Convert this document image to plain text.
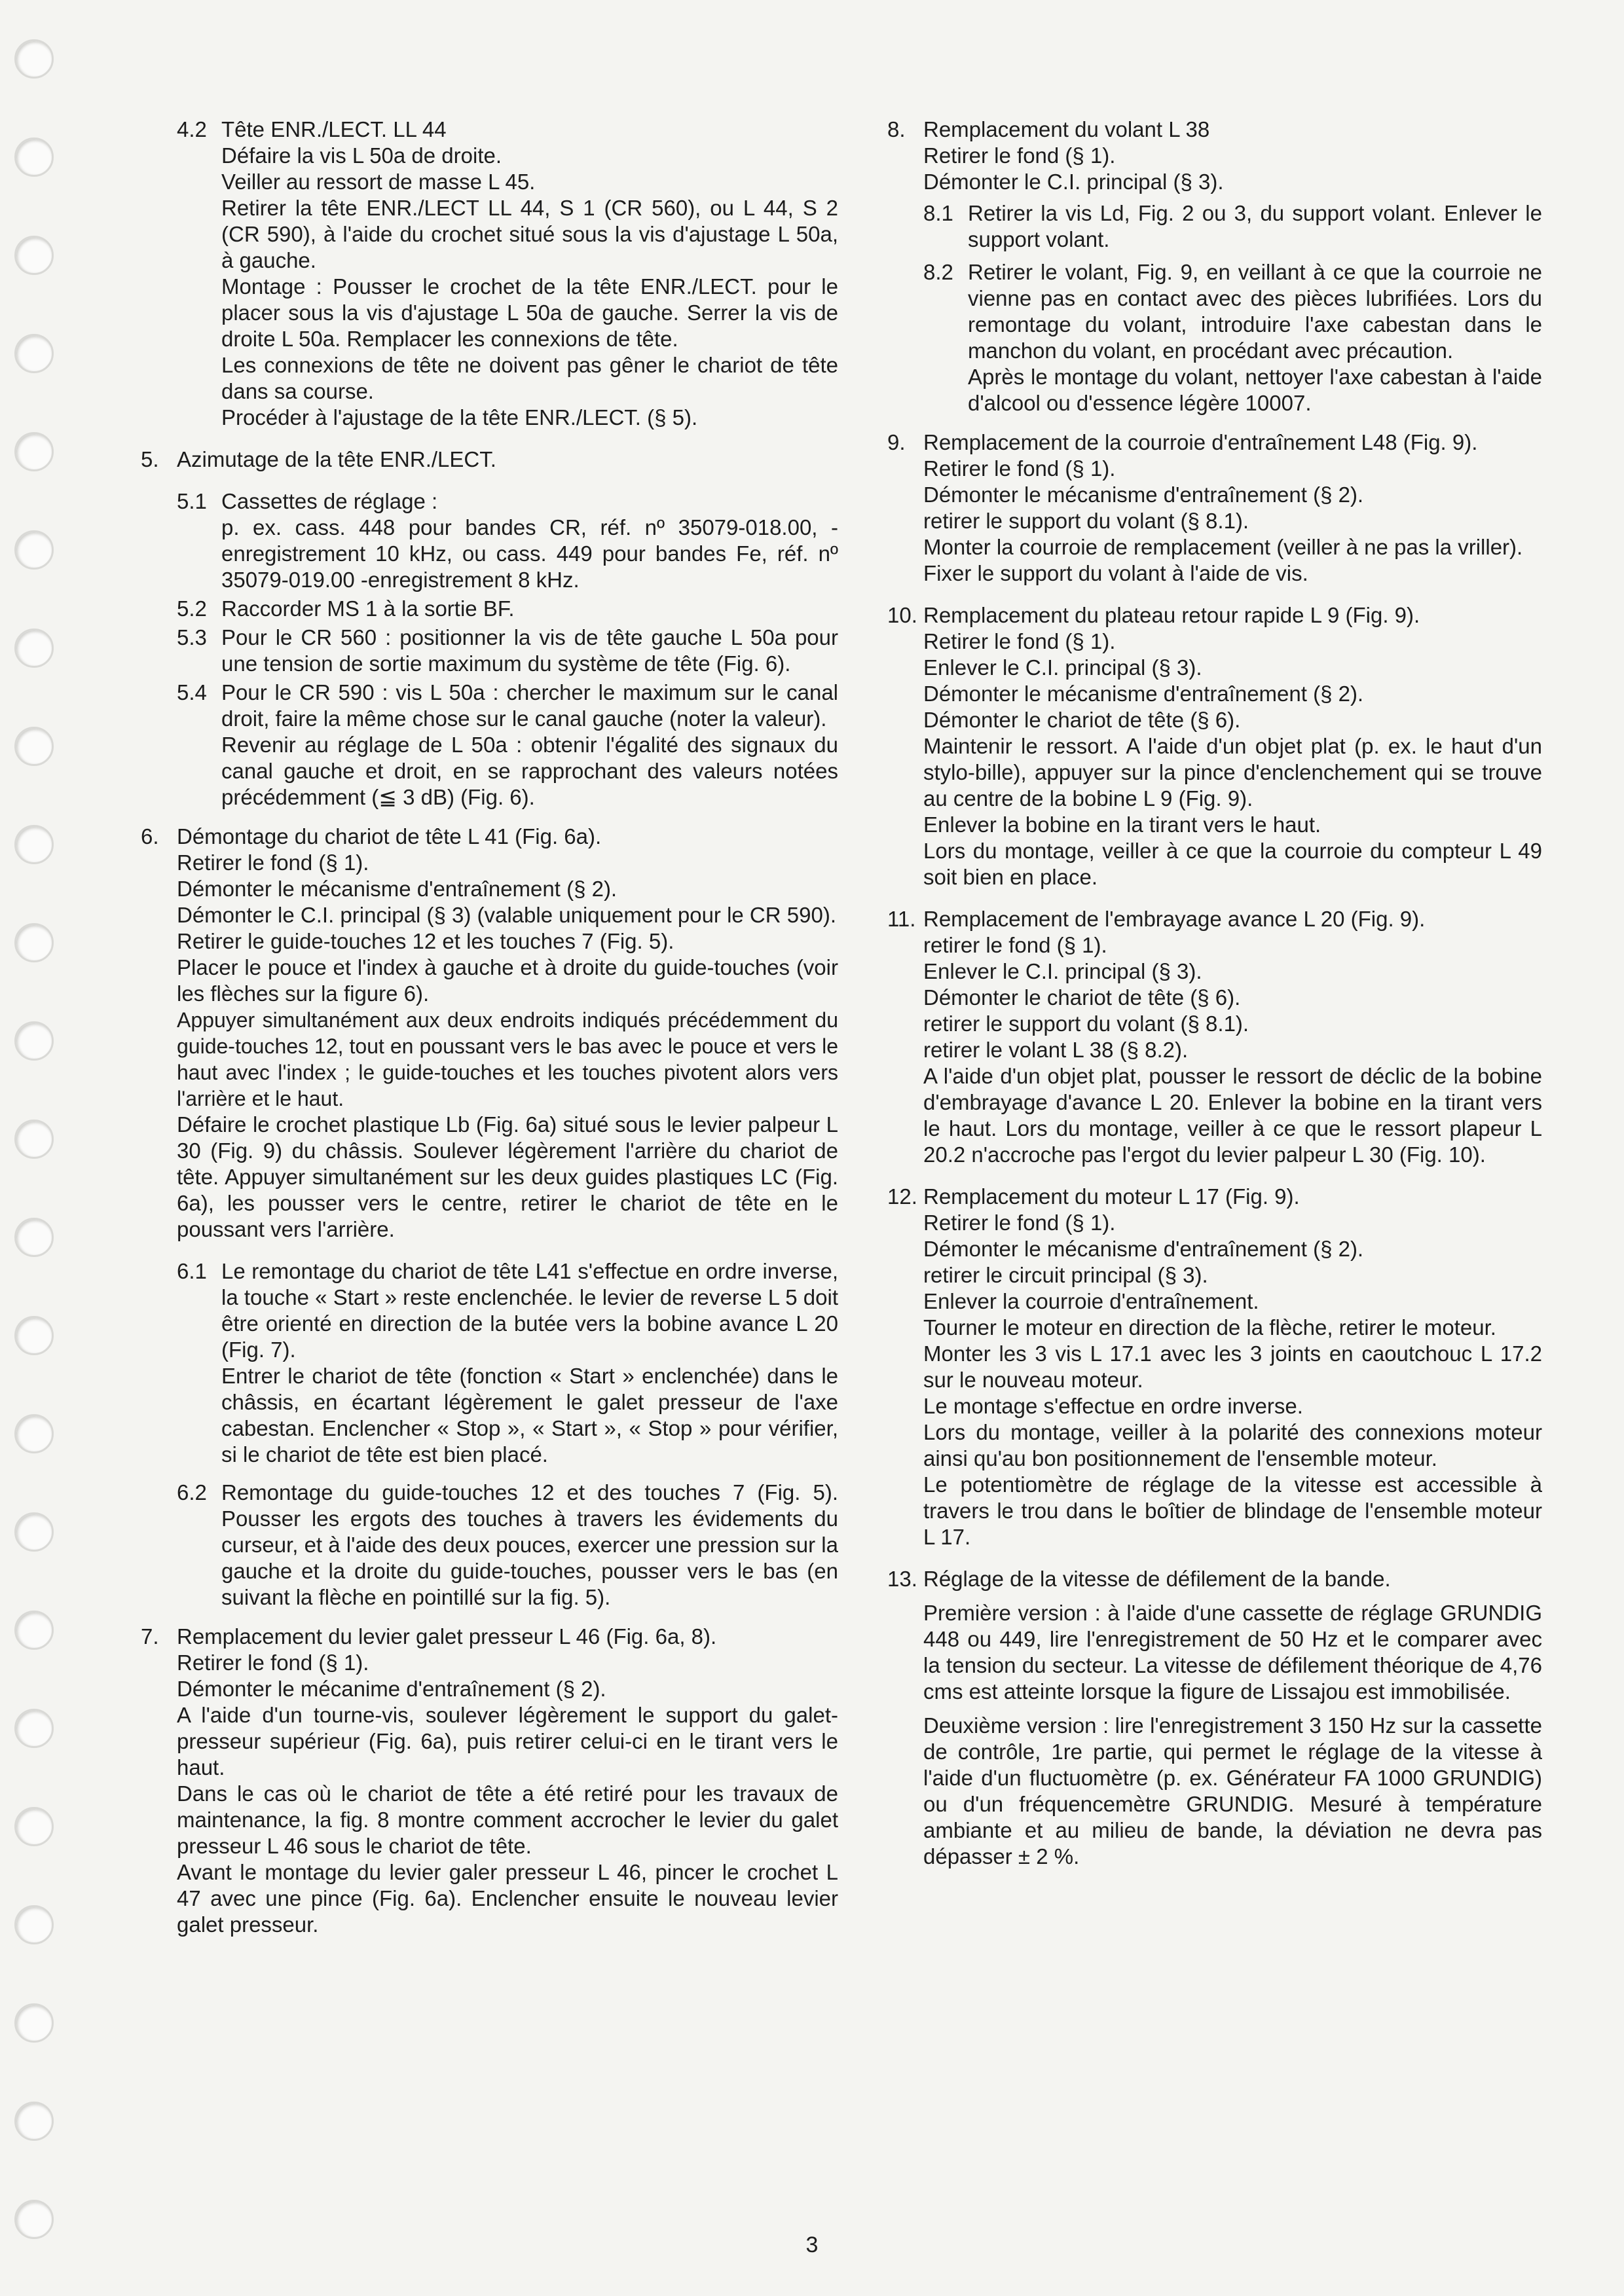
4.2 Tête ENR./LECT. LL 44

Défaire la vis L 50a de droite.

Veiller au ressort de masse L 45.

Retirer la tête ENR./LECT LL 44, S 1 (CR 560), ou L 44, S 2 (CR 590), à l'aide du crochet situé sous la vis d'ajustage L 50a, à gauche.

Montage : Pousser le crochet de la tête ENR./LECT. pour le placer sous la vis d'ajustage L 50a de gauche. Serrer la vis de droite L 50a. Remplacer les connexions de tête.

Les connexions de tête ne doivent pas gêner le chariot de tête dans sa course.

Procéder à l'ajustage de la tête ENR./LECT. (§ 5).

5. Azimutage de la tête ENR./LECT.

5.1 Cassettes de réglage :

p. ex. cass. 448 pour bandes CR, réf. nº 35079-018.00, -enregistrement 10 kHz, ou cass. 449 pour bandes Fe, réf. nº 35079-019.00 -enregistrement 8 kHz.

5.2 Raccorder MS 1 à la sortie BF.

5.3 Pour le CR 560 : positionner la vis de tête gauche L 50a pour une tension de sortie maximum du système de tête (Fig. 6).

5.4 Pour le CR 590 : vis L 50a : chercher le maximum sur le canal droit, faire la même chose sur le canal gauche (noter la valeur).

Revenir au réglage de L 50a : obtenir l'égalité des signaux du canal gauche et droit, en se rapprochant des valeurs notées précédemment (≦ 3 dB) (Fig. 6).

6. Démontage du chariot de tête L 41 (Fig. 6a).

Retirer le fond (§ 1).

Démonter le mécanisme d'entraînement (§ 2).

Démonter le C.I. principal (§ 3) (valable uniquement pour le CR 590).

Retirer le guide-touches 12 et les touches 7 (Fig. 5).

Placer le pouce et l'index à gauche et à droite du guide-touches (voir les flèches sur la figure 6).

Appuyer simultanément aux deux endroits indiqués précédemment du guide-touches 12, tout en poussant vers le bas avec le pouce et vers le haut avec l'index ; le guide-touches et les touches pivotent alors vers l'arrière et le haut.

Défaire le crochet plastique Lb (Fig. 6a) situé sous le levier palpeur L 30 (Fig. 9) du châssis. Soulever légèrement l'arrière du chariot de tête. Appuyer simultanément sur les deux guides plastiques LC (Fig. 6a), les pousser vers le centre, retirer le chariot de tête en le poussant vers l'arrière.

6.1 Le remontage du chariot de tête L41 s'effectue en ordre inverse, la touche « Start » reste enclenchée. le levier de reverse L 5 doit être orienté en direction de la butée vers la bobine avance L 20 (Fig. 7).

Entrer le chariot de tête (fonction « Start » enclenchée) dans le châssis, en écartant légèrement le galet presseur de l'axe cabestan. Enclencher « Stop », « Start », « Stop » pour vérifier, si le chariot de tête est bien placé.

6.2 Remontage du guide-touches 12 et des touches 7 (Fig. 5). Pousser les ergots des touches à travers les évidements du curseur, et à l'aide des deux pouces, exercer une pression sur la gauche et la droite du guide-touches, pousser vers le bas (en suivant la flèche en pointillé sur la fig. 5).

7. Remplacement du levier galet presseur L 46 (Fig. 6a, 8).

Retirer le fond (§ 1).

Démonter le mécanime d'entraînement (§ 2).

A l'aide d'un tourne-vis, soulever légèrement le support du galet-presseur supérieur (Fig. 6a), puis retirer celui-ci en le tirant vers le haut.

Dans le cas où le chariot de tête a été retiré pour les travaux de maintenance, la fig. 8 montre comment accrocher le levier du galet presseur L 46 sous le chariot de tête.

Avant le montage du levier galer presseur L 46, pincer le crochet L 47 avec une pince (Fig. 6a). Enclencher ensuite le nouveau levier galet presseur.

8. Remplacement du volant L 38

Retirer le fond (§ 1).

Démonter le C.I. principal (§ 3).

8.1 Retirer la vis Ld, Fig. 2 ou 3, du support volant. Enlever le support volant.

8.2 Retirer le volant, Fig. 9, en veillant à ce que la courroie ne vienne pas en contact avec des pièces lubrifiées. Lors du remontage du volant, introduire l'axe cabestan dans le manchon du volant, en procédant avec précaution.

Après le montage du volant, nettoyer l'axe cabestan à l'aide d'alcool ou d'essence légère 10007.

9. Remplacement de la courroie d'entraînement L48 (Fig. 9).

Retirer le fond (§ 1).

Démonter le mécanisme d'entraînement (§ 2).

retirer le support du volant (§ 8.1).

Monter la courroie de remplacement (veiller à ne pas la vriller).

Fixer le support du volant à l'aide de vis.

10. Remplacement du plateau retour rapide L 9 (Fig. 9).

Retirer le fond (§ 1).

Enlever le C.I. principal (§ 3).

Démonter le mécanisme d'entraînement (§ 2).

Démonter le chariot de tête (§ 6).

Maintenir le ressort. A l'aide d'un objet plat (p. ex. le haut d'un stylo-bille), appuyer sur la pince d'enclenchement qui se trouve au centre de la bobine L 9 (Fig. 9).

Enlever la bobine en la tirant vers le haut.

Lors du montage, veiller à ce que la courroie du compteur L 49 soit bien en place.

11. Remplacement de l'embrayage avance L 20 (Fig. 9).

retirer le fond (§ 1).

Enlever le C.I. principal (§ 3).

Démonter le chariot de tête (§ 6).

retirer le support du volant (§ 8.1).

retirer le volant L 38 (§ 8.2).

A l'aide d'un objet plat, pousser le ressort de déclic de la bobine d'embrayage d'avance L 20. Enlever la bobine en la tirant vers le haut. Lors du montage, veiller à ce que le ressort plapeur L 20.2 n'accroche pas l'ergot du levier palpeur L 30 (Fig. 10).

12. Remplacement du moteur L 17 (Fig. 9).

Retirer le fond (§ 1).

Démonter le mécanisme d'entraînement (§ 2).

retirer le circuit principal (§ 3).

Enlever la courroie d'entraînement.

Tourner le moteur en direction de la flèche, retirer le moteur.

Monter les 3 vis L 17.1 avec les 3 joints en caoutchouc L 17.2 sur le nouveau moteur.

Le montage s'effectue en ordre inverse.

Lors du montage, veiller à la polarité des connexions moteur ainsi qu'au bon positionnement de l'ensemble moteur.

Le potentiomètre de réglage de la vitesse est accessible à travers le trou dans le boîtier de blindage de l'ensemble moteur L 17.

13. Réglage de la vitesse de défilement de la bande.

Première version : à l'aide d'une cassette de réglage GRUNDIG 448 ou 449, lire l'enregistrement de 50 Hz et le comparer avec la tension du secteur. La vitesse de défilement théorique de 4,76 cms est atteinte lorsque la figure de Lissajou est immobilisée.

Deuxième version : lire l'enregistrement 3 150 Hz sur la cassette de contrôle, 1re partie, qui permet le réglage de la vitesse à l'aide d'un fluctuomètre (p. ex. Générateur FA 1000 GRUNDIG) ou d'un fréquencemètre GRUNDIG. Mesuré à température ambiante et au milieu de bande, la déviation ne devra pas dépasser ± 2 %.

3
